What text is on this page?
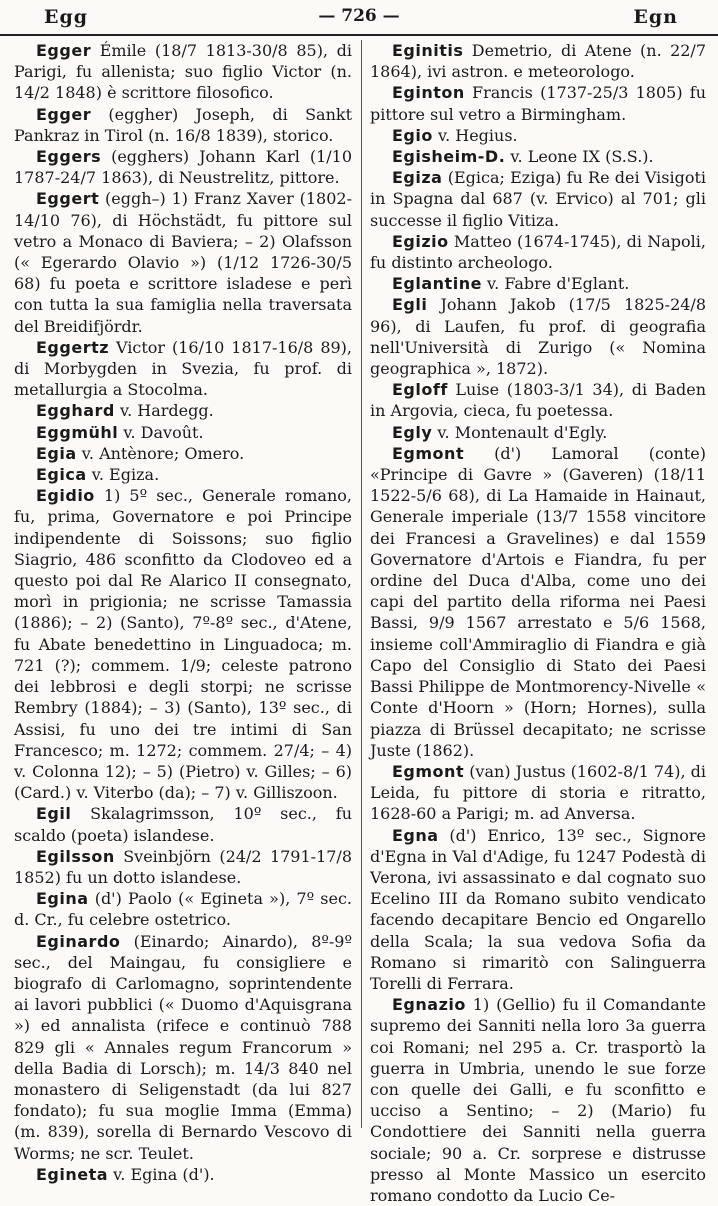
Egg	— 726 —	Egn

Egger Émile (18/7 1813-30/8 85), di Parigi, fu allenista; suo figlio Victor (n. 14/2 1848) è scrittore filosofico.

Egger (eggher) Joseph, di Sankt Pankraz in Tirol (n. 16/8 1839), storico.

Eggers (egghers) Johann Karl (1/10 1787-24/7 1863), di Neustrelitz, pittore.

Eggert (eggh–) 1) Franz Xaver (1802-14/10 76), di Höchstädt, fu pittore sul vetro a Monaco di Baviera; – 2) Olafsson (« Egerardo Olavio ») (1/12 1726-30/5 68) fu poeta e scrittore isladese e perì con tutta la sua famiglia nella traversata del Breidifjördr.

Eggertz Victor (16/10 1817-16/8 89), di Morbygden in Svezia, fu prof. di metallurgia a Stocolma.

Egghard v. Hardegg.

Eggmühl v. Davoût.

Egia v. Antènore; Omero.

Egica v. Egiza.

Egidio 1) 5º sec., Generale romano, fu, prima, Governatore e poi Principe indipendente di Soissons; suo figlio Siagrio, 486 sconfitto da Clodoveo ed a questo poi dal Re Alarico II consegnato, morì in prigionia; ne scrisse Tamassia (1886); – 2) (Santo), 7º-8º sec., d'Atene, fu Abate benedettino in Linguadoca; m. 721 (?); commem. 1/9; celeste patrono dei lebbrosi e degli storpi; ne scrisse Rembry (1884); – 3) (Santo), 13º sec., di Assisi, fu uno dei tre intimi di San Francesco; m. 1272; commem. 27/4; – 4) v. Colonna 12); – 5) (Pietro) v. Gilles; – 6) (Card.) v. Viterbo (da); – 7) v. Gilliszoon.

Egil Skalagrimsson, 10º sec., fu scaldo (poeta) islandese.

Egilsson Sveinbjörn (24/2 1791-17/8 1852) fu un dotto islandese.

Egina (d') Paolo (« Egineta »), 7º sec. d. Cr., fu celebre ostetrico.

Eginardo (Einardo; Ainardo), 8º-9º sec., del Maingau, fu consigliere e biografo di Carlomagno, soprintendente ai lavori pubblici (« Duomo d'Aquisgrana ») ed annalista (rifece e continuò 788 829 gli « Annales regum Francorum » della Badia di Lorsch); m. 14/3 840 nel monastero di Seligenstadt (da lui 827 fondato); fu sua moglie Imma (Emma) (m. 839), sorella di Bernardo Vescovo di Worms; ne scr. Teulet.

Egineta v. Egina (d').

Eginitis Demetrio, di Atene (n. 22/7 1864), ivi astron. e meteorologo.

Eginton Francis (1737-25/3 1805) fu pittore sul vetro a Birmingham.

Egio v. Hegius.

Egisheim-D. v. Leone IX (S.S.).

Egiza (Egica; Eziga) fu Re dei Visigoti in Spagna dal 687 (v. Ervico) al 701; gli successe il figlio Vitiza.

Egizio Matteo (1674-1745), di Napoli, fu distinto archeologo.

Eglantine v. Fabre d'Eglant.

Egli Johann Jakob (17/5 1825-24/8 96), di Laufen, fu prof. di geografia nell'Università di Zurigo (« Nomina geographica », 1872).

Egloff Luise (1803-3/1 34), di Baden in Argovia, cieca, fu poetessa.

Egly v. Montenault d'Egly.

Egmont (d') Lamoral (conte) «Principe di Gavre » (Gaveren) (18/11 1522-5/6 68), di La Hamaide in Hainaut, Generale imperiale (13/7 1558 vincitore dei Francesi a Gravelines) e dal 1559 Governatore d'Artois e Fiandra, fu per ordine del Duca d'Alba, come uno dei capi del partito della riforma nei Paesi Bassi, 9/9 1567 arrestato e 5/6 1568, insieme coll'Ammiraglio di Fiandra e già Capo del Consiglio di Stato dei Paesi Bassi Philippe de Montmorency-Nivelle « Conte d'Hoorn » (Horn; Hornes), sulla piazza di Brüssel decapitato; ne scrisse Juste (1862).

Egmont (van) Justus (1602-8/1 74), di Leida, fu pittore di storia e ritratto, 1628-60 a Parigi; m. ad Anversa.

Egna (d') Enrico, 13º sec., Signore d'Egna in Val d'Adige, fu 1247 Podestà di Verona, ivi assassinato e dal cognato suo Ecelino III da Romano subito vendicato facendo decapitare Bencio ed Ongarello della Scala; la sua vedova Sofia da Romano si rimaritò con Salinguerra Torelli di Ferrara.

Egnazio 1) (Gellio) fu il Comandante supremo dei Sanniti nella loro 3a guerra coi Romani; nel 295 a. Cr. trasportò la guerra in Umbria, unendo le sue forze con quelle dei Galli, e fu sconfitto e ucciso a Sentino; – 2) (Mario) fu Condottiere dei Sanniti nella guerra sociale; 90 a. Cr. sorprese e distrusse presso al Monte Massico un esercito romano condotto da Lucio Ce-
